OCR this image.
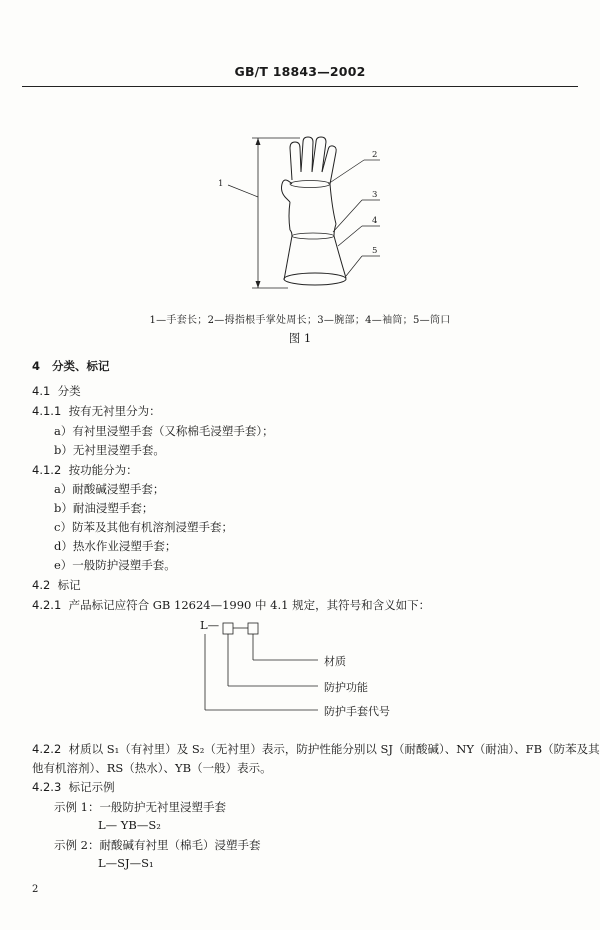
GB/T 18843—2002
1
2
3
4
5
1—手套长；2—拇指根手掌处周长；3—腕部；4—袖筒；5—筒口
图 1
4 分类、标记
4.1 分类
4.1.1 按有无衬里分为：
a）有衬里浸塑手套（又称棉毛浸塑手套）；
b）无衬里浸塑手套。
4.1.2 按功能分为：
a）耐酸碱浸塑手套；
b）耐油浸塑手套；
c）防苯及其他有机溶剂浸塑手套；
d）热水作业浸塑手套；
e）一般防护浸塑手套。
4.2 标记
4.2.1 产品标记应符合 GB 12624—1990 中 4.1 规定，其符号和含义如下：
L—
材质
防护功能
防护手套代号
4.2.2 材质以 S₁（有衬里）及 S₂（无衬里）表示，防护性能分别以 SJ（耐酸碱）、NY（耐油）、FB（防苯及其
他有机溶剂）、RS（热水）、YB（一般）表示。
4.2.3 标记示例
示例 1：一般防护无衬里浸塑手套
L— YB—S₂
示例 2：耐酸碱有衬里（棉毛）浸塑手套
L—SJ—S₁
2
